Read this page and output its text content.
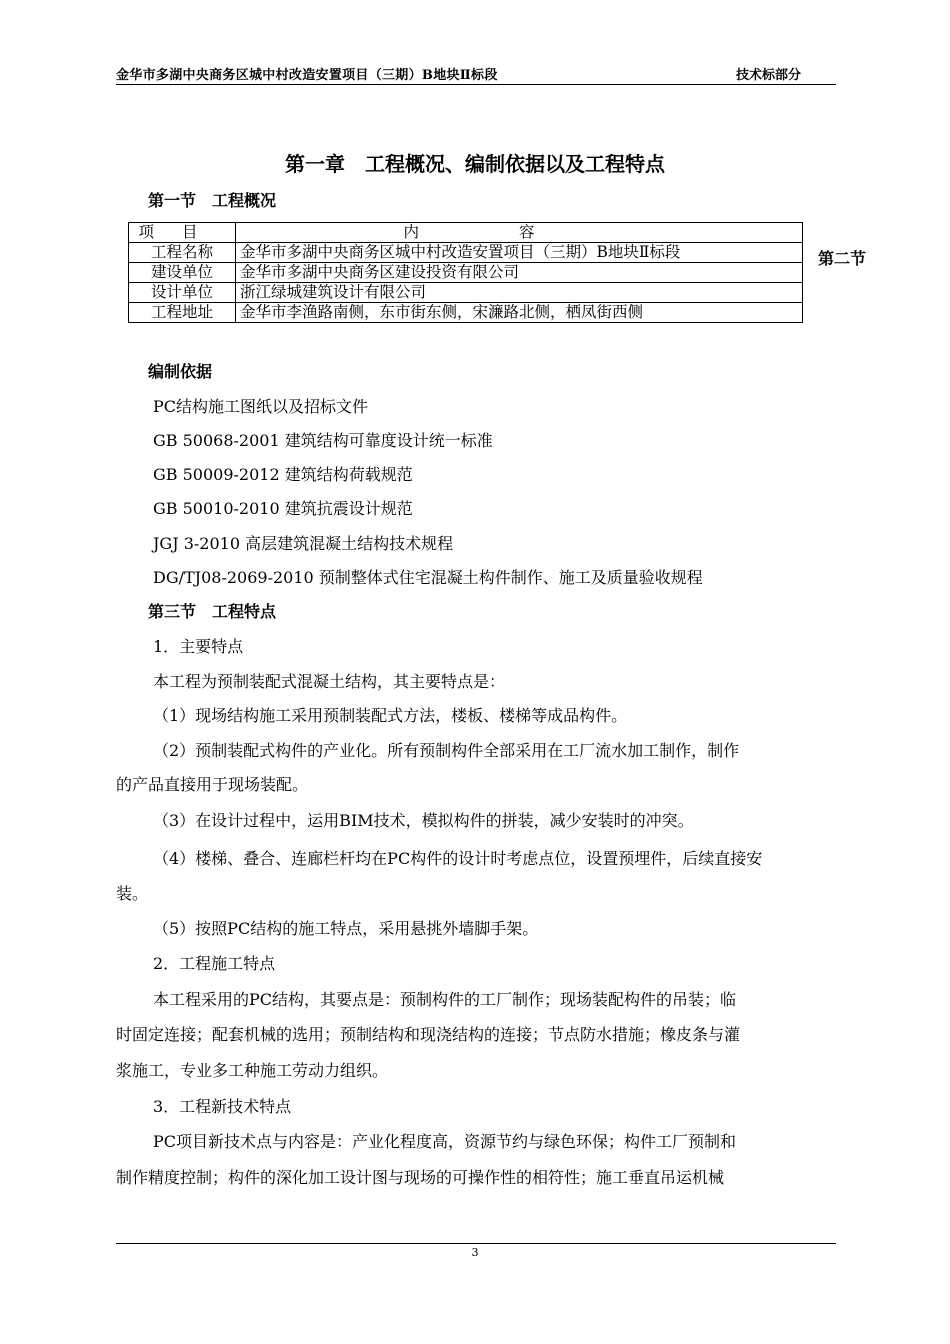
金华市多湖中央商务区城中村改造安置项目（三期）B地块Ⅱ标段	技术标部分
第一章　工程概况、编制依据以及工程特点
第一节　工程概况
项目	内容
工程名称	金华市多湖中央商务区城中村改造安置项目（三期）B地块Ⅱ标段
建设单位	金华市多湖中央商务区建设投资有限公司
设计单位	浙江绿城建筑设计有限公司
工程地址	金华市李渔路南侧，东市街东侧，宋濂路北侧，栖凤街西侧
第二节
编制依据
PC结构施工图纸以及招标文件
GB 50068-2001 建筑结构可靠度设计统一标准
GB 50009-2012 建筑结构荷载规范
GB 50010-2010 建筑抗震设计规范
JGJ 3-2010 高层建筑混凝土结构技术规程
DG/TJ08-2069-2010 预制整体式住宅混凝土构件制作、施工及质量验收规程
第三节　工程特点
1．主要特点
本工程为预制装配式混凝土结构，其主要特点是：
（1）现场结构施工采用预制装配式方法，楼板、楼梯等成品构件。
（2）预制装配式构件的产业化。所有预制构件全部采用在工厂流水加工制作，制作
的产品直接用于现场装配。
（3）在设计过程中，运用BIM技术，模拟构件的拼装，减少安装时的冲突。
（4）楼梯、叠合、连廊栏杆均在PC构件的设计时考虑点位，设置预埋件，后续直接安
装。
（5）按照PC结构的施工特点，采用悬挑外墙脚手架。
2．工程施工特点
本工程采用的PC结构，其要点是：预制构件的工厂制作；现场装配构件的吊装；临
时固定连接；配套机械的选用；预制结构和现浇结构的连接；节点防水措施；橡皮条与灌
浆施工，专业多工种施工劳动力组织。
3．工程新技术特点
PC项目新技术点与内容是：产业化程度高，资源节约与绿色环保；构件工厂预制和
制作精度控制；构件的深化加工设计图与现场的可操作性的相符性；施工垂直吊运机械
3
